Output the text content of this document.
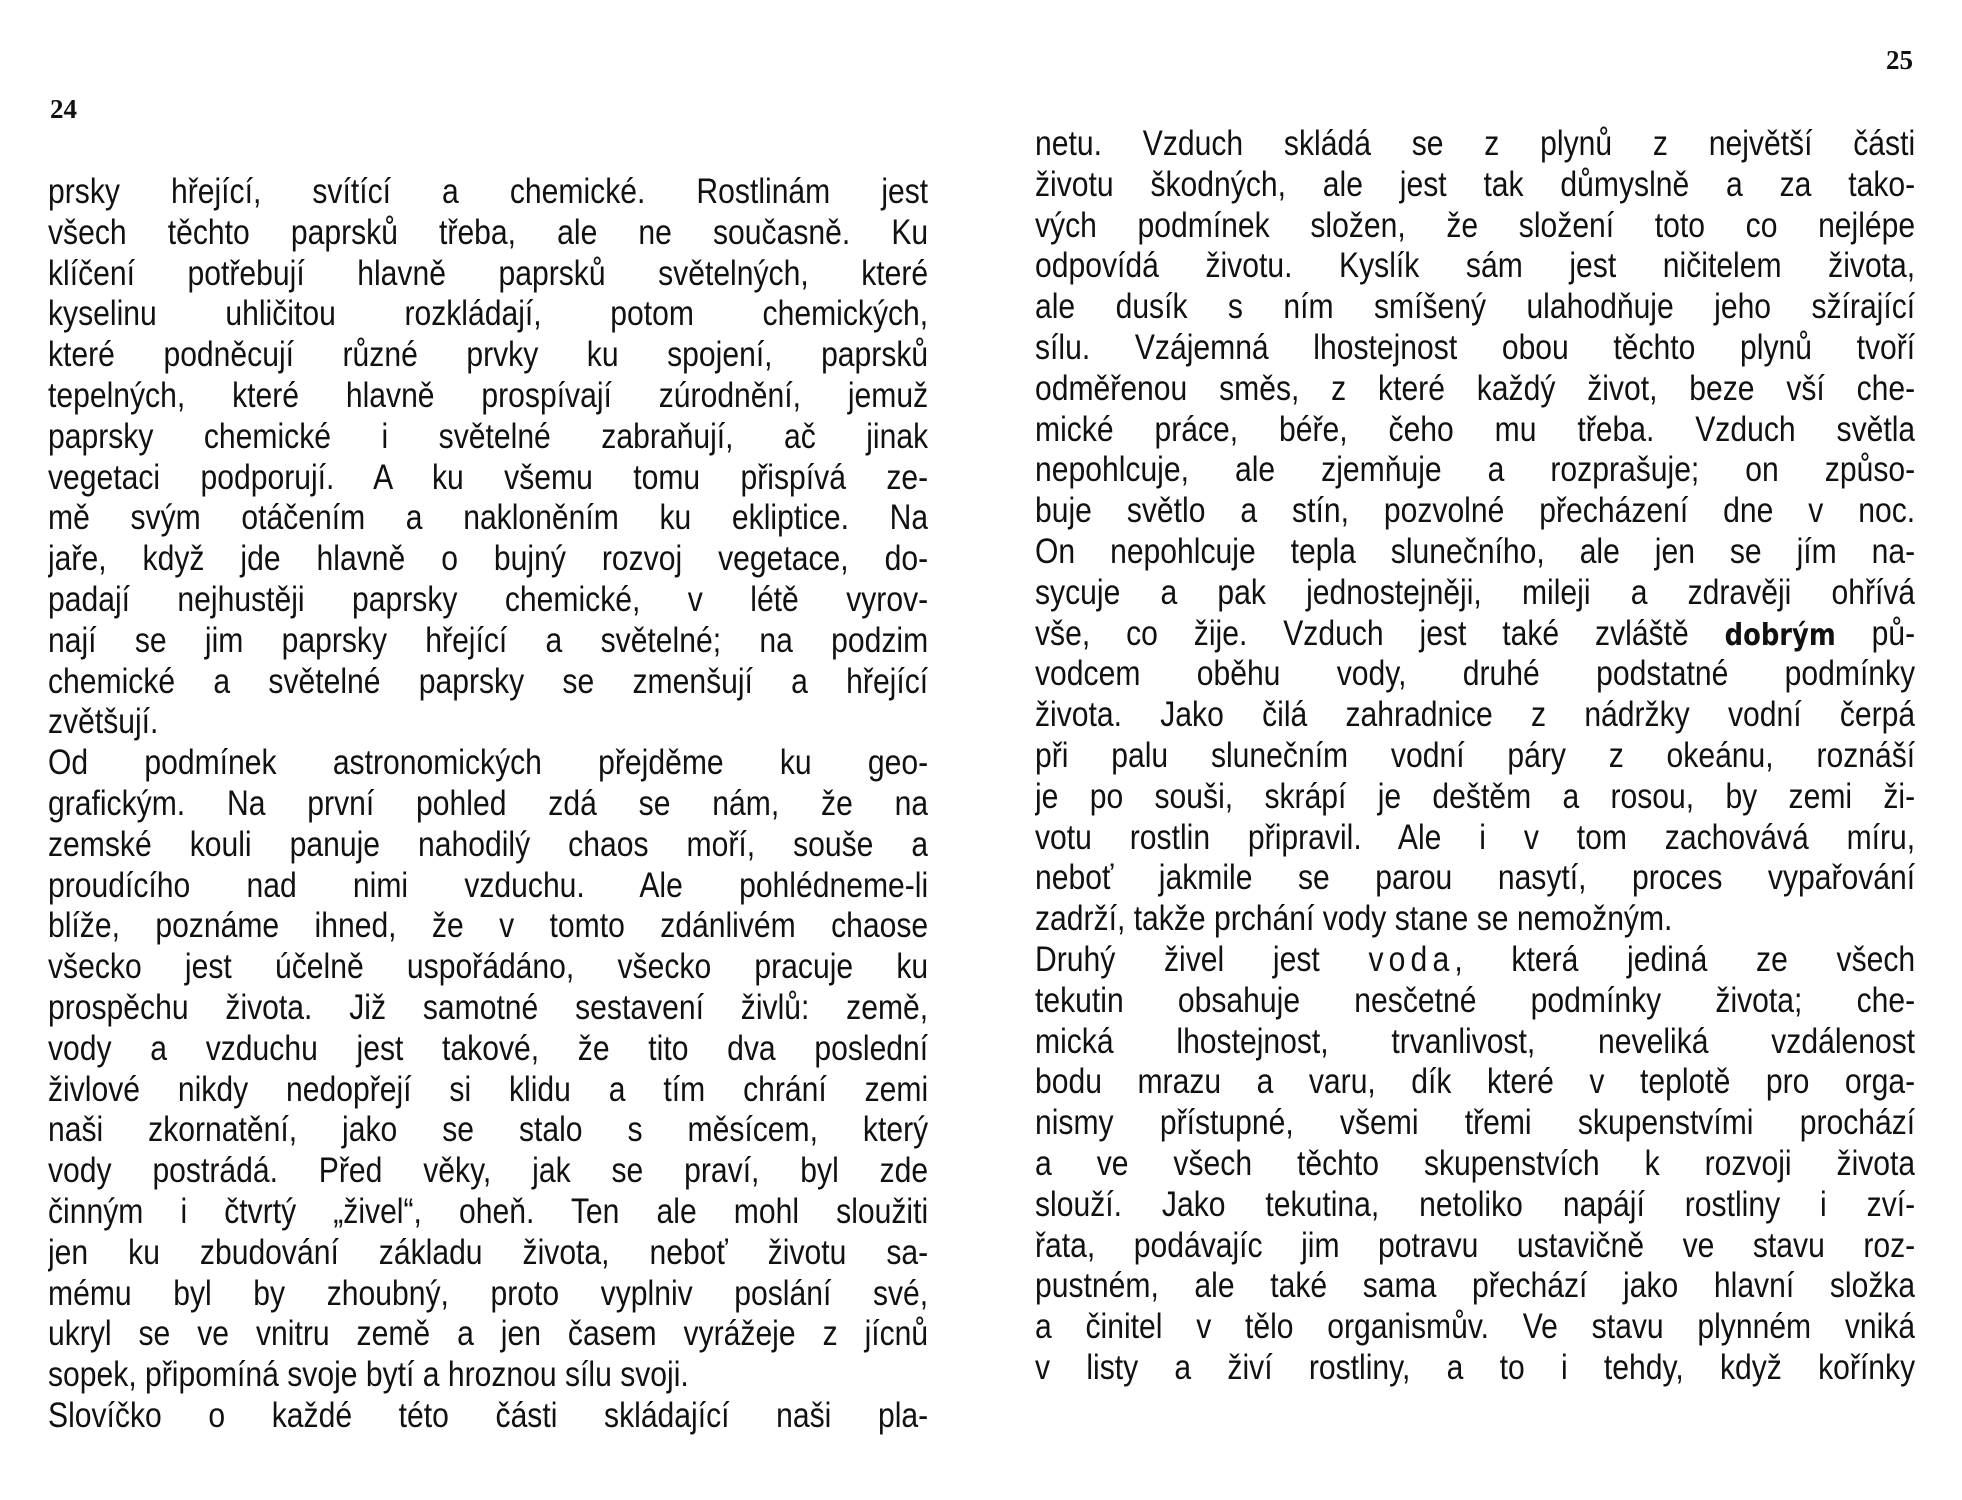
24
25
prsky hřející, svítící a chemické. Rostlinám jest
všech těchto paprsků třeba, ale ne současně. Ku
klíčení potřebují hlavně paprsků světelných, které
kyselinu uhličitou rozkládají, potom chemických,
které podněcují různé prvky ku spojení, paprsků
tepelných, které hlavně prospívají zúrodnění, jemuž
paprsky chemické i světelné zabraňují, ač jinak
vegetaci podporují. A ku všemu tomu přispívá ze-
mě svým otáčením a nakloněním ku ekliptice. Na
jaře, když jde hlavně o bujný rozvoj vegetace, do-
padají nejhustěji paprsky chemické, v létě vyrov-
nají se jim paprsky hřející a světelné; na podzim
chemické a světelné paprsky se zmenšují a hřející
zvětšují.
Od podmínek astronomických přejděme ku geo-
grafickým. Na první pohled zdá se nám, že na
zemské kouli panuje nahodilý chaos moří, souše a
proudícího nad nimi vzduchu. Ale pohlédneme-li
blíže, poznáme ihned, že v tomto zdánlivém chaose
všecko jest účelně uspořádáno, všecko pracuje ku
prospěchu života. Již samotné sestavení živlů: země,
vody a vzduchu jest takové, že tito dva poslední
živlové nikdy nedopřejí si klidu a tím chrání zemi
naši zkornatění, jako se stalo s měsícem, který
vody postrádá. Před věky, jak se praví, byl zde
činným i čtvrtý „živel“, oheň. Ten ale mohl sloužiti
jen ku zbudování základu života, neboť životu sa-
mému byl by zhoubný, proto vyplniv poslání své,
ukryl se ve vnitru země a jen časem vyrážeje z jícnů
sopek, připomíná svoje bytí a hroznou sílu svoji.
Slovíčko o každé této části skládající naši pla-
netu. Vzduch skládá se z plynů z největší části
životu škodných, ale jest tak důmyslně a za tako-
vých podmínek složen, že složení toto co nejlépe
odpovídá životu. Kyslík sám jest ničitelem života,
ale dusík s ním smíšený ulahodňuje jeho sžírající
sílu. Vzájemná lhostejnost obou těchto plynů tvoří
odměřenou směs, z které každý život, beze vší che-
mické práce, béře, čeho mu třeba. Vzduch světla
nepohlcuje, ale zjemňuje a rozprašuje; on způso-
buje světlo a stín, pozvolné přecházení dne v noc.
On nepohlcuje tepla slunečního, ale jen se jím na-
sycuje a pak jednostejněji, mileji a zdravěji ohřívá
vše, co žije. Vzduch jest také zvláště dobrým pů-
vodcem oběhu vody, druhé podstatné podmínky
života. Jako čilá zahradnice z nádržky vodní čerpá
při palu slunečním vodní páry z okeánu, roznáší
je po souši, skrápí je deštěm a rosou, by zemi ži-
votu rostlin připravil. Ale i v tom zachovává míru,
neboť jakmile se parou nasytí, proces vypařování
zadrží, takže prchání vody stane se nemožným.
Druhý živel jest voda, která jediná ze všech
tekutin obsahuje nesčetné podmínky života; che-
mická lhostejnost, trvanlivost, neveliká vzdálenost
bodu mrazu a varu, dík které v teplotě pro orga-
nismy přístupné, všemi třemi skupenstvími prochází
a ve všech těchto skupenstvích k rozvoji života
slouží. Jako tekutina, netoliko napájí rostliny i zví-
řata, podávajíc jim potravu ustavičně ve stavu roz-
pustném, ale také sama přechází jako hlavní složka
a činitel v tělo organismův. Ve stavu plynném vniká
v listy a živí rostliny, a to i tehdy, když kořínky
